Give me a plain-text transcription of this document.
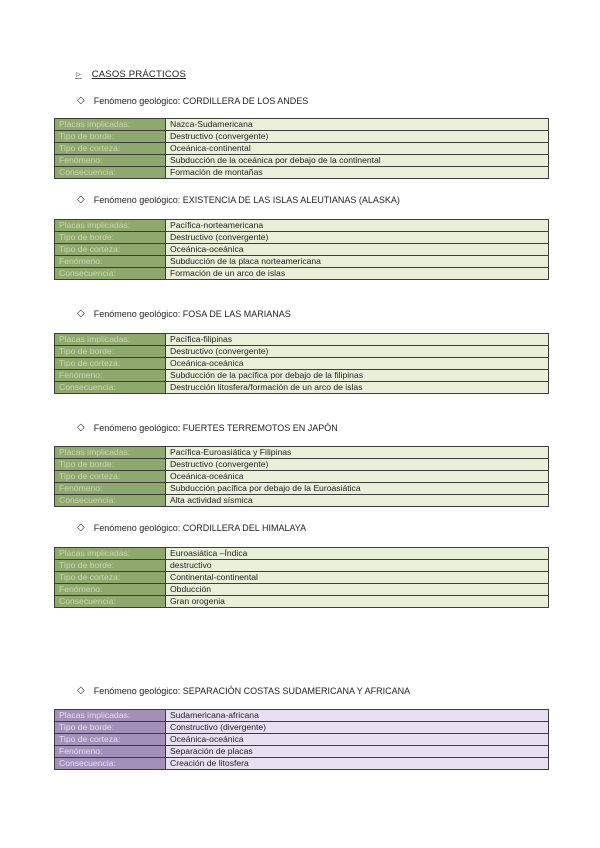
⊳ CASOS PRÁCTICOS
◇ Fenómeno geológico: CORDILLERA DE LOS ANDES
Placas implicadas:	Nazca-Sudamericana
Tipo de borde:	Destructivo (convergente)
Tipo de corteza:	Oceánica-continental
Fenómeno:	Subducción de la oceánica por debajo de la continental
Consecuencia:	Formación de montañas
◇ Fenómeno geológico: EXISTENCIA DE LAS ISLAS ALEUTIANAS (ALASKA)
Placas implicadas:	Pacífica-norteamericana
Tipo de borde:	Destructivo (convergente)
Tipo de corteza:	Oceánica-oceánica
Fenómeno:	Subducción de la placa norteamericana
Consecuencia:	Formación de un arco de islas
◇ Fenómeno geológico: FOSA DE LAS MARIANAS
Placas implicadas:	Pacífica-filipinas
Tipo de borde:	Destructivo (convergente)
Tipo de corteza:	Oceánica-oceánica
Fenómeno:	Subducción de la pacífica por debajo de la filipinas
Consecuencia:	Destrucción litosfera/formación de un arco de islas
◇ Fenómeno geológico: FUERTES TERREMOTOS EN JAPÓN
Placas implicadas:	Pacífica-Euroasiática y Filipinas
Tipo de borde:	Destructivo (convergente)
Tipo de corteza:	Oceánica-oceánica
Fenómeno:	Subducción pacífica por debajo de la Euroasiática
Consecuencia:	Alta actividad sísmica
◇ Fenómeno geológico: CORDILLERA DEL HIMALAYA
Placas implicadas:	Euroasiática –Índica
Tipo de borde:	destructivo
Tipo de corteza:	Continental-continental
Fenómeno:	Obducción
Consecuencia:	Gran orogenia
◇ Fenómeno geológico: SEPARACIÓN COSTAS SUDAMERICANA Y AFRICANA
Placas implicadas:	Sudamericana-africana
Tipo de borde:	Constructivo (divergente)
Tipo de corteza:	Oceánica-oceánica
Fenómeno:	Separación de placas
Consecuencia:	Creación de litosfera
